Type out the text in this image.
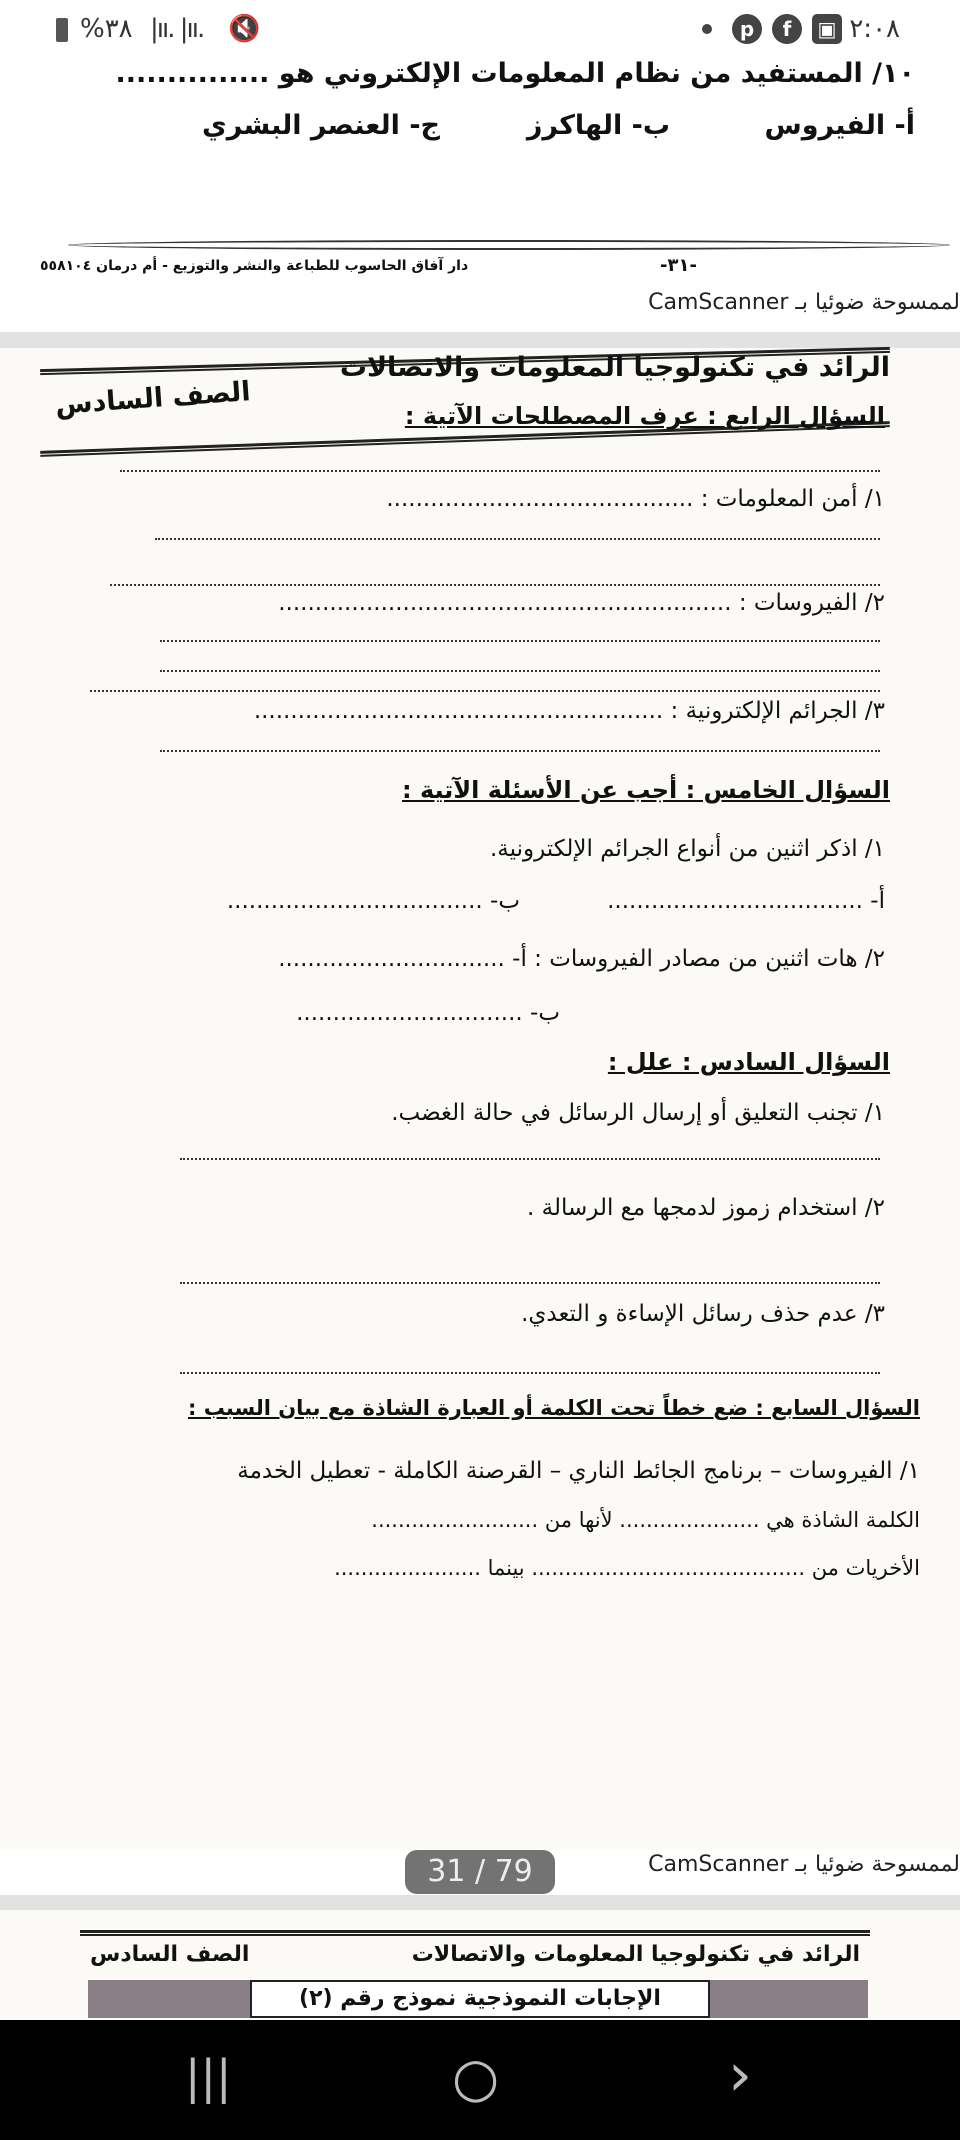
٢:٠٨
▣
f
p
%٣٨ |ıı. |ıı. 🔇
١٠/ المستفيد من نظام المعلومات الإلكتروني هو ...............
أ- الفيروس
ب- الهاكرز
ج- العنصر البشري
-٣١-
دار آفاق الحاسوب للطباعة والنشر والتوزيع - أم درمان ٥٥٨١٠٤
لممسوحة ضوئيا بـ CamScanner
الرائد في تكنولوجيا المعلومات والاتصالات
الصف السادس	السؤال الرابع : عرف المصطلحات الآتية :
١/ أمن المعلومات : ..........................................
٢/ الفيروسات : ..............................................................
٣/ الجرائم الإلكترونية : ........................................................
السؤال الخامس : أجب عن الأسئلة الآتية :
١/ اذكر اثنين من أنواع الجرائم الإلكترونية.
أ- ...................................
ب- ...................................
٢/ هات اثنين من مصادر الفيروسات : أ- ...............................
ب- ...............................
السؤال السادس : علل :
١/ تجنب التعليق أو إرسال الرسائل في حالة الغضب.
٢/ استخدام زموز لدمجها مع الرسالة .
٣/ عدم حذف رسائل الإساءة و التعدي.
السؤال السابع : ضع خطاً تحت الكلمة أو العبارة الشاذة مع بيان السبب :
١/ الفيروسات – برنامج الجائط الناري – القرصنة الكاملة - تعطيل الخدمة
الكلمة الشاذة هي ..................... لأنها من .........................
الأخريات من ......................................... بينما ......................
لممسوحة ضوئيا بـ CamScanner
الرائد في تكنولوجيا المعلومات والاتصالات
الصف السادس
الإجابات النموذجية نموذج رقم (٢)
31 / 79
|||	○	›
